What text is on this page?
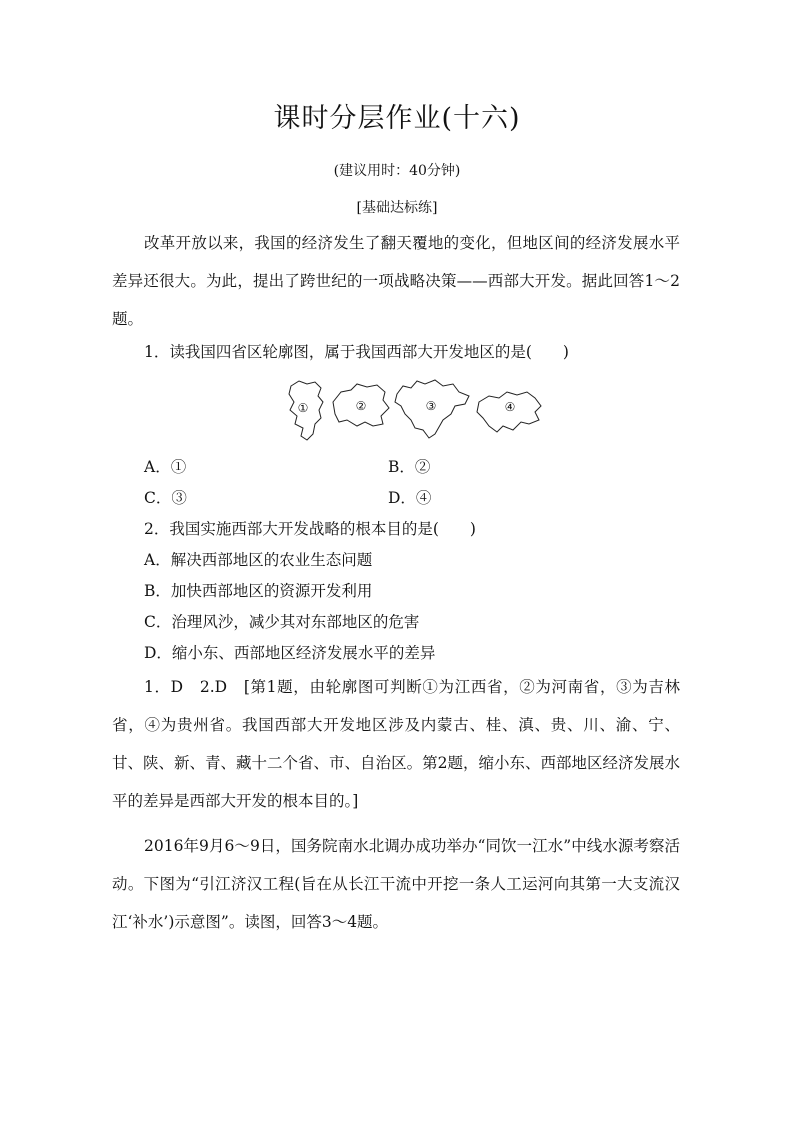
课时分层作业(十六)
(建议用时：40分钟)
[基础达标练]
改革开放以来，我国的经济发生了翻天覆地的变化，但地区间的经济发展水平差异还很大。为此，提出了跨世纪的一项战略决策——西部大开发。据此回答1～2题。
1．读我国四省区轮廓图，属于我国西部大开发地区的是(　　)
①	②	③	④
A．①	B．②
C．③	D．④
2．我国实施西部大开发战略的根本目的是(　　)
A．解决西部地区的农业生态问题
B．加快西部地区的资源开发利用
C．治理风沙，减少其对东部地区的危害
D．缩小东、西部地区经济发展水平的差异
1．D　2.D　[第1题，由轮廓图可判断①为江西省，②为河南省，③为吉林省，④为贵州省。我国西部大开发地区涉及内蒙古、桂、滇、贵、川、渝、宁、甘、陕、新、青、藏十二个省、市、自治区。第2题，缩小东、西部地区经济发展水平的差异是西部大开发的根本目的。]
2016年9月6～9日，国务院南水北调办成功举办“同饮一江水”中线水源考察活动。下图为“引江济汉工程(旨在从长江干流中开挖一条人工运河向其第一大支流汉江‘补水’)示意图”。读图，回答3～4题。
